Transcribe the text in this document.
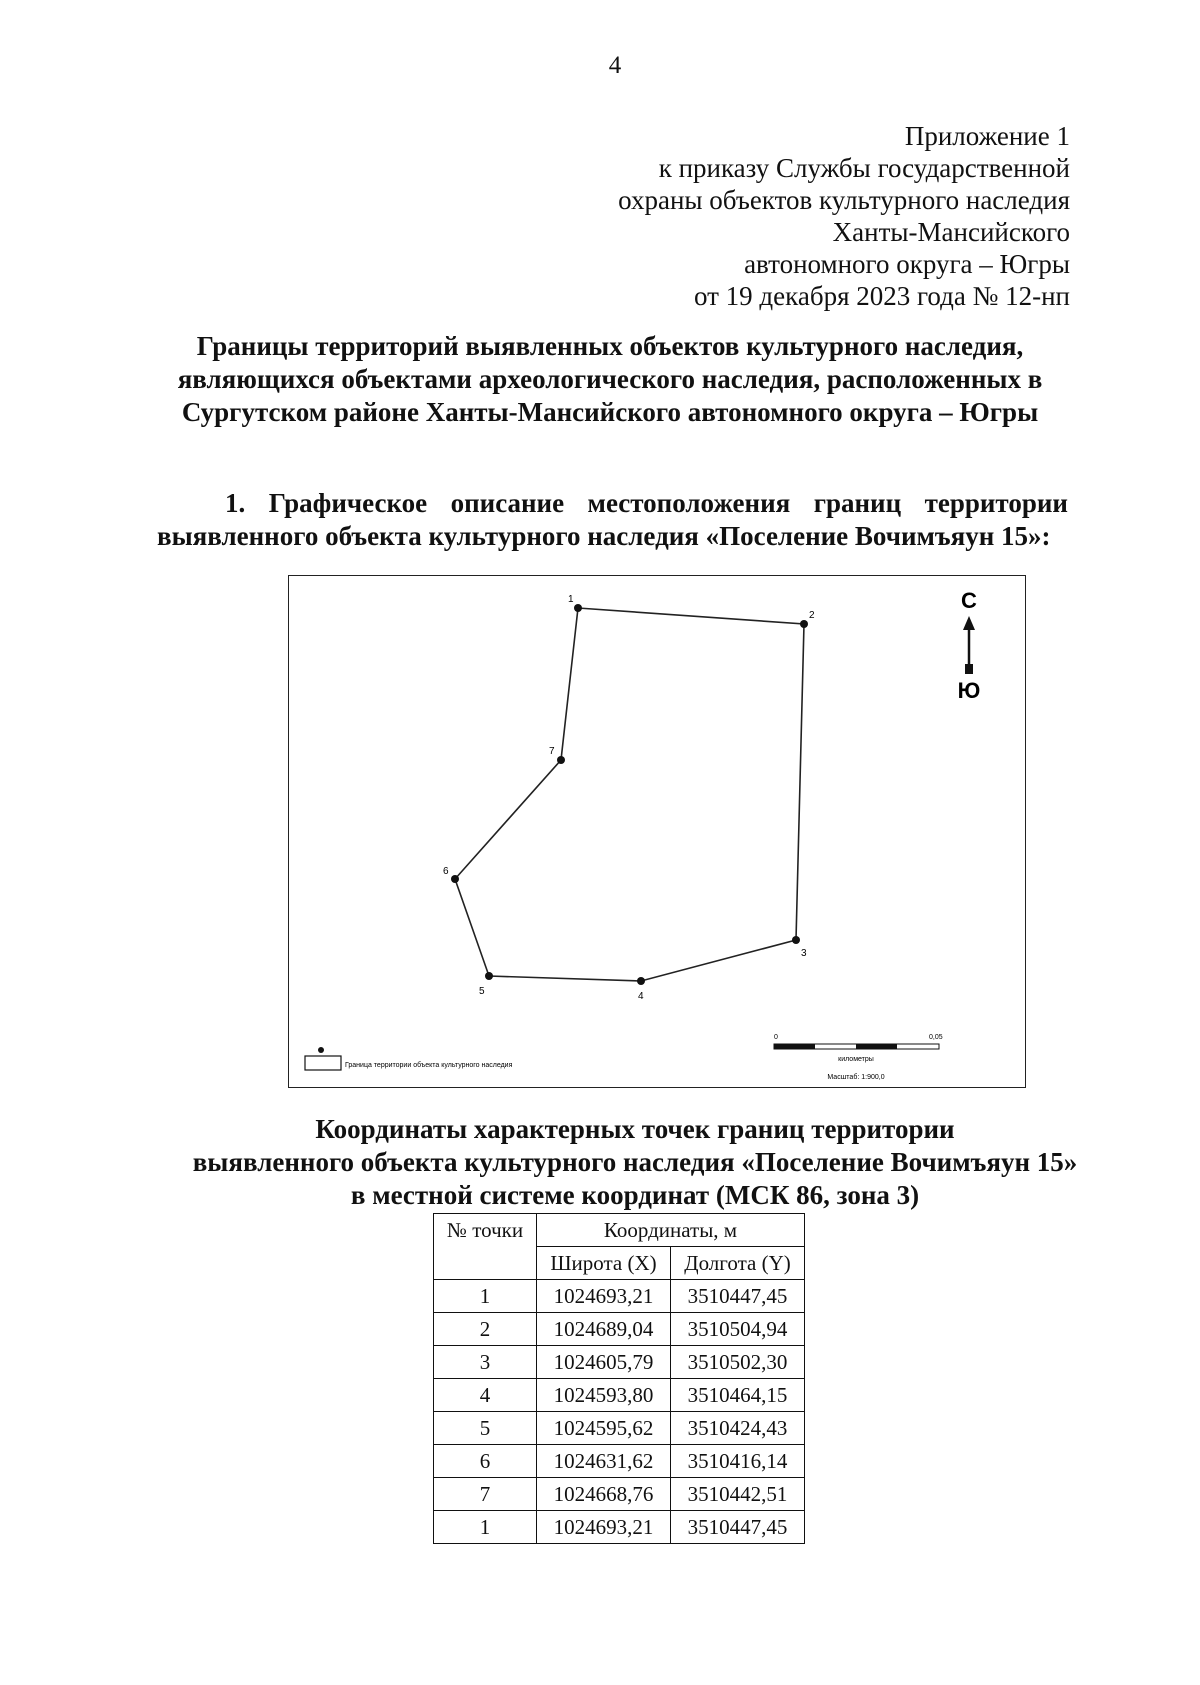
4
Приложение 1
к приказу Службы государственной
охраны объектов культурного наследия
Ханты-Мансийского
автономного округа – Югры
от 19 декабря 2023 года № 12-нп
Границы территорий выявленных объектов культурного наследия,
являющихся объектами археологического наследия, расположенных в
Сургутском районе Ханты-Мансийского автономного округа – Югры
1. Графическое описание местоположения границ территории
выявленного объекта культурного наследия «Поселение Вочимъяун 15»:
1
2
3
4
5
6
7
С
Ю
Граница территории объекта культурного наследия
0	0,05
километры
Масштаб: 1:900,0
Координаты характерных точек границ территории
выявленного объекта культурного наследия «Поселение Вочимъяун 15»
в местной системе координат (МСК 86, зона 3)
№ точки	Координаты, м	
	Широта (X)	Долгота (Y)
1	1024693,21	3510447,45
2	1024689,04	3510504,94
3	1024605,79	3510502,30
4	1024593,80	3510464,15
5	1024595,62	3510424,43
6	1024631,62	3510416,14
7	1024668,76	3510442,51
1	1024693,21	3510447,45
